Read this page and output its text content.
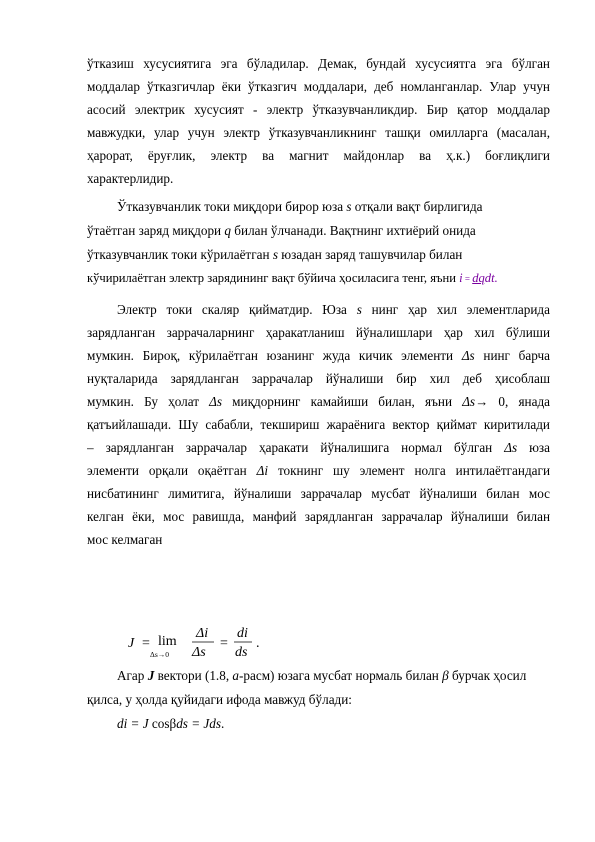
ўтказиш хусусиятига эга бўладилар. Демак, бундай хусусиятга эга бўлган
моддалар ўтказгичлар ёки ўтказгич моддалари, деб номланганлар. Улар учун
асосий электрик хусусият - электр ўтказувчанликдир. Бир қатор моддалар
мавжудки, улар учун электр ўтказувчанликнинг ташқи омилларга (масалан,
ҳарорат, ёруғлик, электр ва магнит майдонлар ва ҳ.к.) боғлиқлиги
характерлидир.
Ўтказувчанлик токи миқдори бирор юза s отқали вақт бирлигида
ўтаётган заряд миқдори q билан ўлчанади. Вақтнинг ихтиёрий онида
ўтказувчанлик токи кўрилаётган s юзадан заряд ташувчилар билан
кўчирилаётган электр зарядининг вақт бўйича ҳосиласига тенг, яъни i = dqdt.
Электр токи скаляр қийматдир. Юза s нинг ҳар хил элементларида
зарядланган заррачаларнинг ҳаракатланиш йўналишлари ҳар хил бўлиши
мумкин. Бироқ, кўрилаётган юзанинг жуда кичик элементи Δs нинг барча
нуқталарида зарядланган заррачалар йўналиши бир хил деб ҳисоблаш
мумкин. Бу ҳолат Δs миқдорнинг камайиши билан, яъни Δs→ 0, янада
қатъийлашади. Шу сабабли, текшириш жараёнига вектор қиймат киритилади
– зарядланган заррачалар ҳаракати йўналишига нормал бўлган Δs юза
элементи орқали оқаётган Δi токнинг шу элемент нолга интилаётгандаги
нисбатининг лимитига, йўналиши заррачалар мусбат йўналиши билан мос
келган ёки, мос равишда, манфий зарядланган заррачалар йўналиши билан
мос келмаган
J = lim
Δs→0
Δi
Δs
=
di
ds
.
Агар J вектори (1.8, а-расм) юзага мусбат нормаль билан β бурчак ҳосил
қилса, у ҳолда қуйидаги ифода мавжуд бўлади:
di = J cosβds = Jds.
